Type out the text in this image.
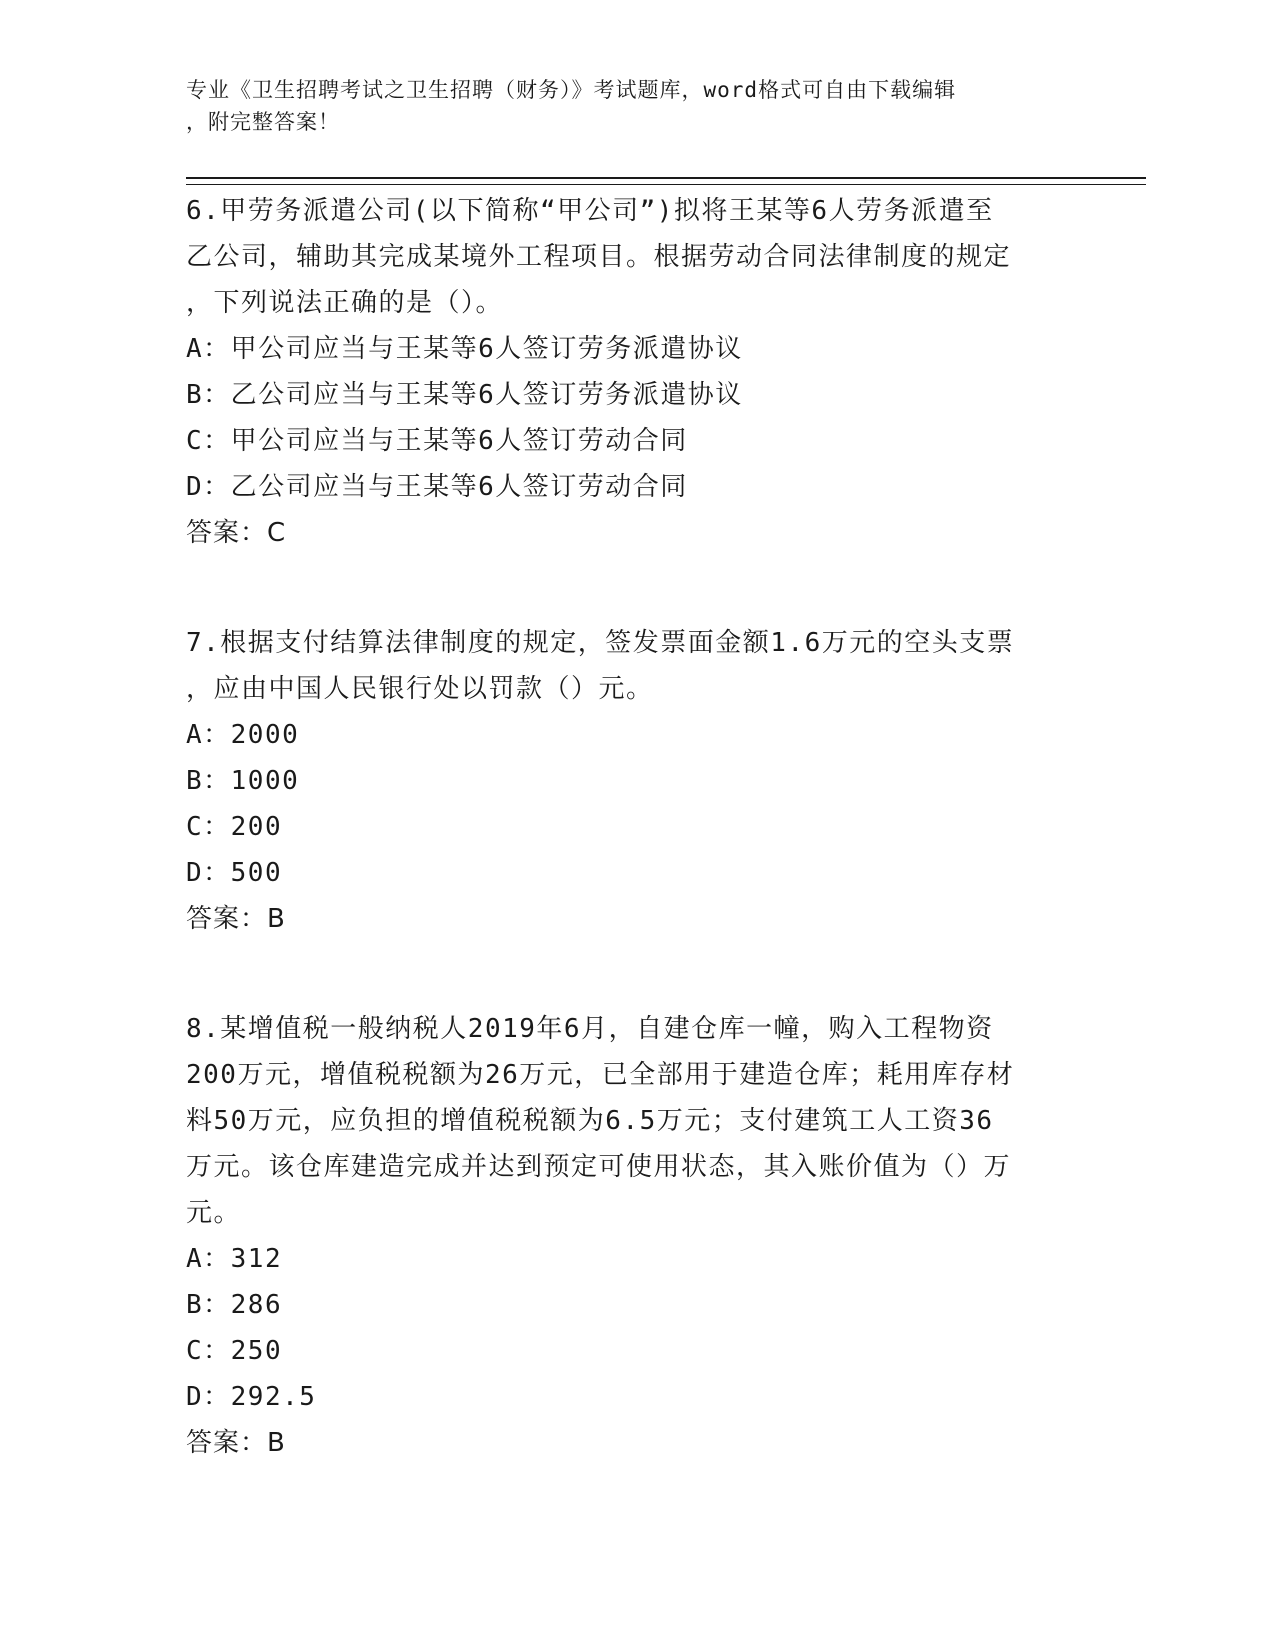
专业《卫生招聘考试之卫生招聘（财务）》考试题库，word格式可自由下载编辑
，附完整答案！
6.甲劳务派遣公司(以下简称“甲公司”)拟将王某等6人劳务派遣至
乙公司，辅助其完成某境外工程项目。根据劳动合同法律制度的规定
，下列说法正确的是（）。
A：甲公司应当与王某等6人签订劳务派遣协议
B：乙公司应当与王某等6人签订劳务派遣协议
C：甲公司应当与王某等6人签订劳动合同
D：乙公司应当与王某等6人签订劳动合同
答案：C
7.根据支付结算法律制度的规定，签发票面金额1.6万元的空头支票
，应由中国人民银行处以罚款（）元。
A：2000
B：1000
C：200
D：500
答案：B
8.某增值税一般纳税人2019年6月，自建仓库一幢，购入工程物资
200万元，增值税税额为26万元，已全部用于建造仓库；耗用库存材
料50万元，应负担的增值税税额为6.5万元；支付建筑工人工资36
万元。该仓库建造完成并达到预定可使用状态，其入账价值为（）万
元。
A：312
B：286
C：250
D：292.5
答案：B
